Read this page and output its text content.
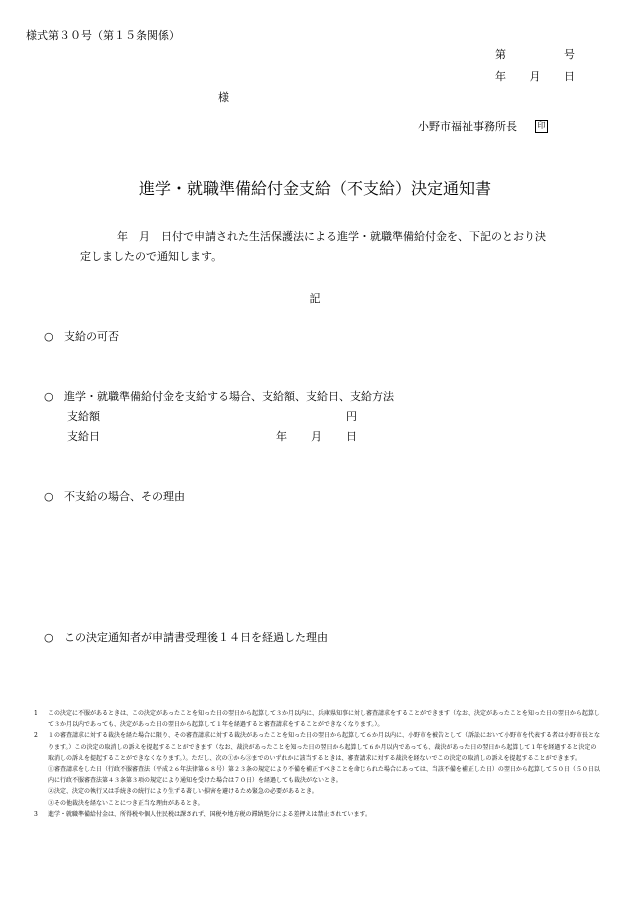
様式第３０号（第１５条関係）
第	号
年 月 日
様
小野市福祉事務所長	印
進学・就職準備給付金支給（不支給）決定通知書
年　月　日付で申請された生活保護法による進学・就職準備給付金を、下記のとおり決
定しましたので通知します。
記
○ 支給の可否
○ 進学・就職準備給付金を支給する場合、支給額、支給日、支給方法
支給額	円
支給日	年 月 日
○ 不支給の場合、その理由
○ この決定通知者が申請書受理後１４日を経過した理由

1	この決定に不服があるときは、この決定があったことを知った日の翌日から起算して３か月以内に、兵庫県知事に対し審査請求をすることができます（なお、決定があったことを知った日の翌日から起算して３か月以内であっても、決定があった日の翌日から起算して１年を経過すると審査請求をすることができなくなります。）。

2	１の審査請求に対する裁決を経た場合に限り、その審査請求に対する裁決があったことを知った日の翌日から起算して６か月以内に、小野市を被告として（訴訟において小野市を代表する者は小野市長となります。）この決定の取消しの訴えを提起することができます（なお、裁決があったことを知った日の翌日から起算して６か月以内であっても、裁決があった日の翌日から起算して１年を経過すると決定の取消しの訴えを提起することができなくなります。）。ただし、次の①から③までのいずれかに該当するときは、審査請求に対する裁決を経ないでこの決定の取消しの訴えを提起することができます。

①審査請求をした日（行政不服審査法（平成２６年法律第６８号）第２３条の規定により不備を補正すべきことを命じられた場合にあっては、当該不備を補正した日）の翌日から起算して５０日（５０日以内に行政不服審査法第４３条第３項の規定により通知を受けた場合は７０日）を経過しても裁決がないとき。

②決定、決定の執行又は手続きの続行により生ずる著しい損害を避けるため緊急の必要があるとき。

③その他裁決を経ないことにつき正当な理由があるとき。

3	進学・就職準備給付金は、所得税や個人住民税は課されず、国税や地方税の滞納処分による差押えは禁止されています。
